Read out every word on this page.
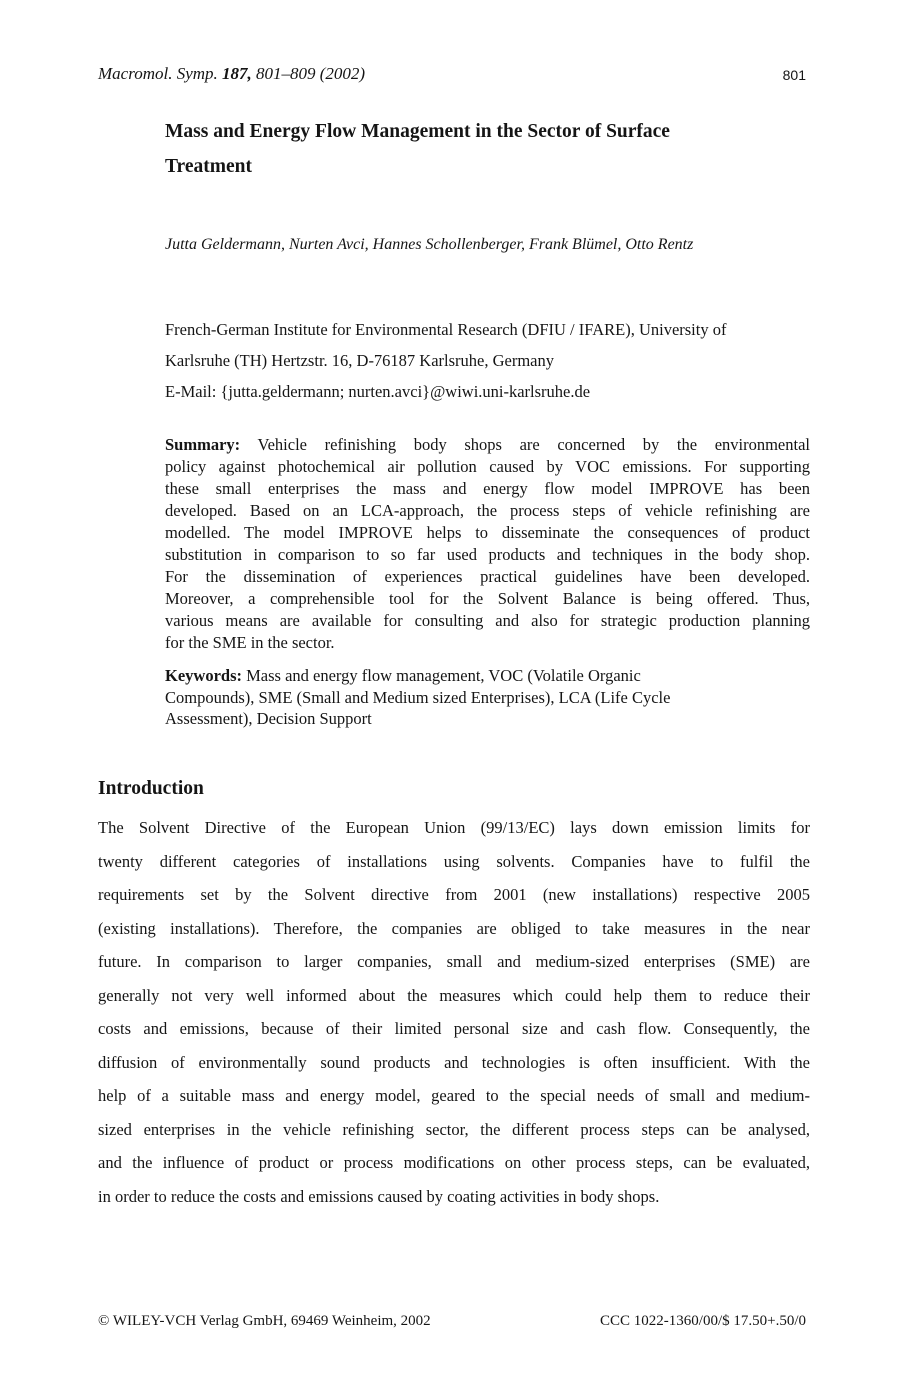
Macromol. Symp. 187, 801–809 (2002)	801
Mass and Energy Flow Management in the Sector of Surface
Treatment
Jutta Geldermann, Nurten Avci, Hannes Schollenberger, Frank Blümel, Otto Rentz
French-German Institute for Environmental Research (DFIU / IFARE), University of
Karlsruhe (TH) Hertzstr. 16, D-76187 Karlsruhe, Germany
E-Mail: {jutta.geldermann; nurten.avci}@wiwi.uni-karlsruhe.de
Summary: Vehicle refinishing body shops are concerned by the environmental
policy against photochemical air pollution caused by VOC emissions. For supporting
these small enterprises the mass and energy flow model IMPROVE has been
developed. Based on an LCA-approach, the process steps of vehicle refinishing are
modelled. The model IMPROVE helps to disseminate the consequences of product
substitution in comparison to so far used products and techniques in the body shop.
For the dissemination of experiences practical guidelines have been developed.
Moreover, a comprehensible tool for the Solvent Balance is being offered. Thus,
various means are available for consulting and also for strategic production planning
for the SME in the sector.
Keywords: Mass and energy flow management, VOC (Volatile Organic
Compounds), SME (Small and Medium sized Enterprises), LCA (Life Cycle
Assessment), Decision Support
Introduction
The Solvent Directive of the European Union (99/13/EC) lays down emission limits for
twenty different categories of installations using solvents. Companies have to fulfil the
requirements set by the Solvent directive from 2001 (new installations) respective 2005
(existing installations). Therefore, the companies are obliged to take measures in the near
future. In comparison to larger companies, small and medium-sized enterprises (SME) are
generally not very well informed about the measures which could help them to reduce their
costs and emissions, because of their limited personal size and cash flow. Consequently, the
diffusion of environmentally sound products and technologies is often insufficient. With the
help of a suitable mass and energy model, geared to the special needs of small and medium-
sized enterprises in the vehicle refinishing sector, the different process steps can be analysed,
and the influence of product or process modifications on other process steps, can be evaluated,
in order to reduce the costs and emissions caused by coating activities in body shops.
© WILEY-VCH Verlag GmbH, 69469 Weinheim, 2002	CCC 1022-1360/00/$ 17.50+.50/0
